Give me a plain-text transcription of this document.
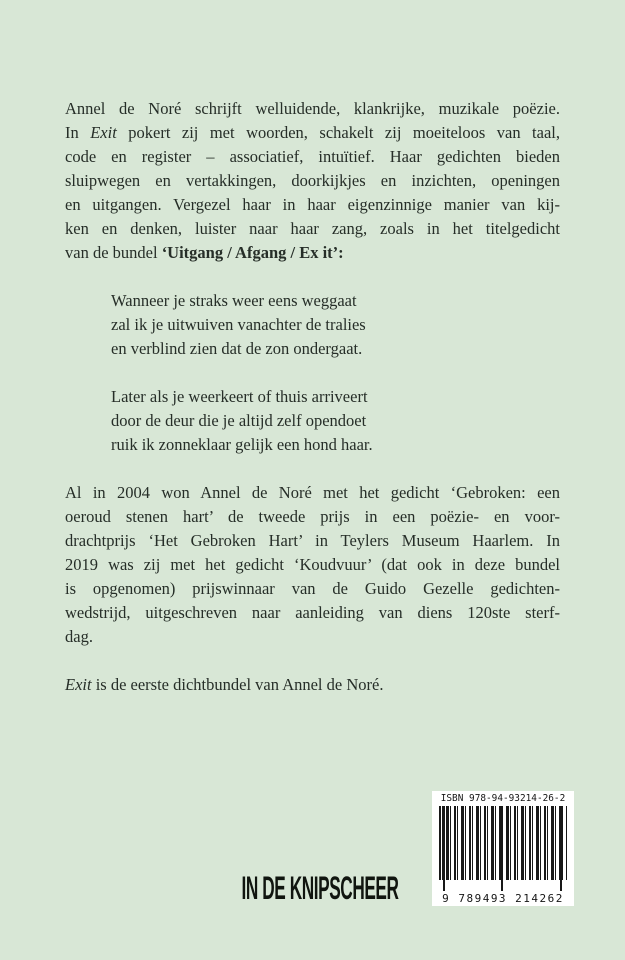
Annel de Noré schrijft welluidende, klankrijke, muzikale poëzie.
In Exit pokert zij met woorden, schakelt zij moeiteloos van taal,
code en register – associatief, intuïtief. Haar gedichten bieden
sluipwegen en vertakkingen, doorkijkjes en inzichten, openingen
en uitgangen. Vergezel haar in haar eigenzinnige manier van kij-
ken en denken, luister naar haar zang, zoals in het titelgedicht
van de bundel ‘Uitgang / Afgang / Ex it’:
Wanneer je straks weer eens weggaat
zal ik je uitwuiven vanachter de tralies
en verblind zien dat de zon ondergaat.
Later als je weerkeert of thuis arriveert
door de deur die je altijd zelf opendoet
ruik ik zonneklaar gelijk een hond haar.
Al in 2004 won Annel de Noré met het gedicht ‘Gebroken: een
oeroud stenen hart’ de tweede prijs in een poëzie- en voor-
drachtprijs ‘Het Gebroken Hart’ in Teylers Museum Haarlem. In
2019 was zij met het gedicht ‘Koudvuur’ (dat ook in deze bundel
is opgenomen) prijswinnaar van de Guido Gezelle gedichten-
wedstrijd, uitgeschreven naar aanleiding van diens 120ste sterf-
dag.
Exit is de eerste dichtbundel van Annel de Noré.
IN DE KNIPSCHEER
ISBN 978-94-93214-26-2
9 789493 214262
